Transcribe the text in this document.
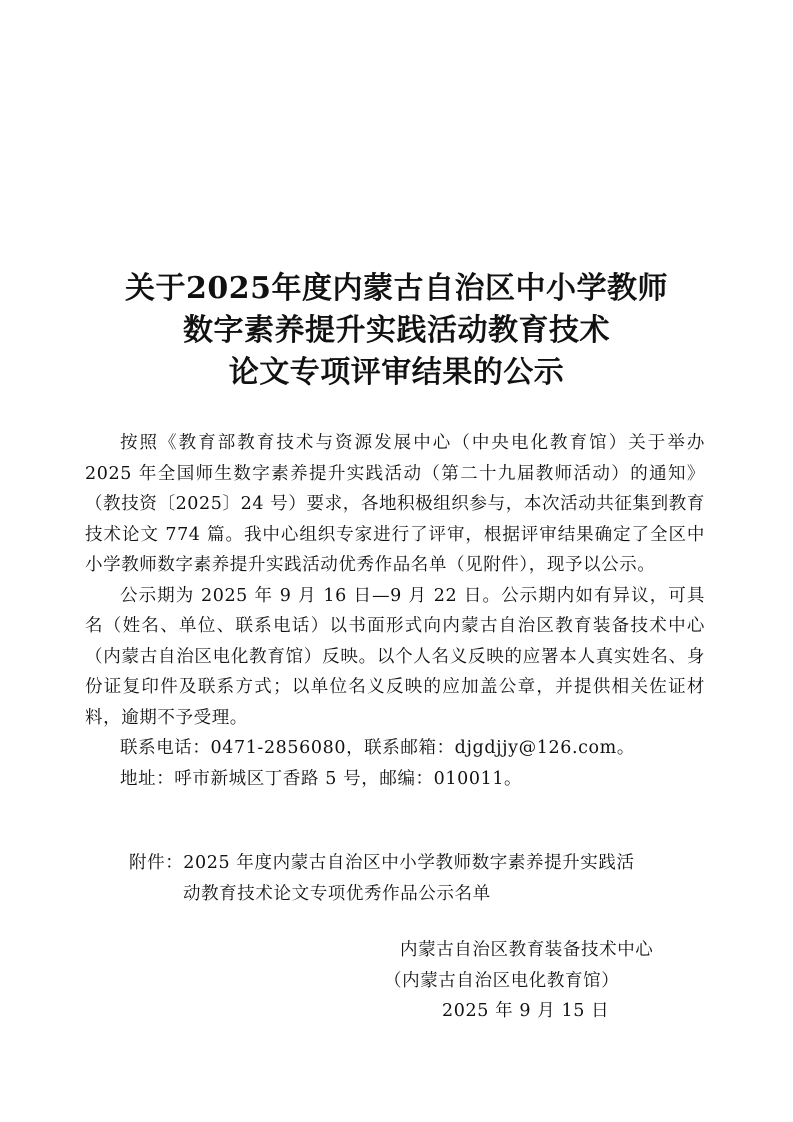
关于2025年度内蒙古自治区中小学教师
数字素养提升实践活动教育技术
论文专项评审结果的公示

按照《教育部教育技术与资源发展中心（中央电化教育馆）关于举办 2025 年全国师生数字素养提升实践活动（第二十九届教师活动）的通知》（教技资〔2025〕24 号）要求，各地积极组织参与，本次活动共征集到教育技术论文 774 篇。我中心组织专家进行了评审，根据评审结果确定了全区中小学教师数字素养提升实践活动优秀作品名单（见附件），现予以公示。

公示期为 2025 年 9 月 16 日—9 月 22 日。公示期内如有异议，可具名（姓名、单位、联系电话）以书面形式向内蒙古自治区教育装备技术中心（内蒙古自治区电化教育馆）反映。以个人名义反映的应署本人真实姓名、身份证复印件及联系方式；以单位名义反映的应加盖公章，并提供相关佐证材料，逾期不予受理。

联系电话：0471-2856080，联系邮箱：djgdjjy@126.com。
地址：呼市新城区丁香路 5 号，邮编：010011。
附件：2025 年度内蒙古自治区中小学教师数字素养提升实践活
动教育技术论文专项优秀作品公示名单
内蒙古自治区教育装备技术中心
（内蒙古自治区电化教育馆）
2025 年 9 月 15 日
